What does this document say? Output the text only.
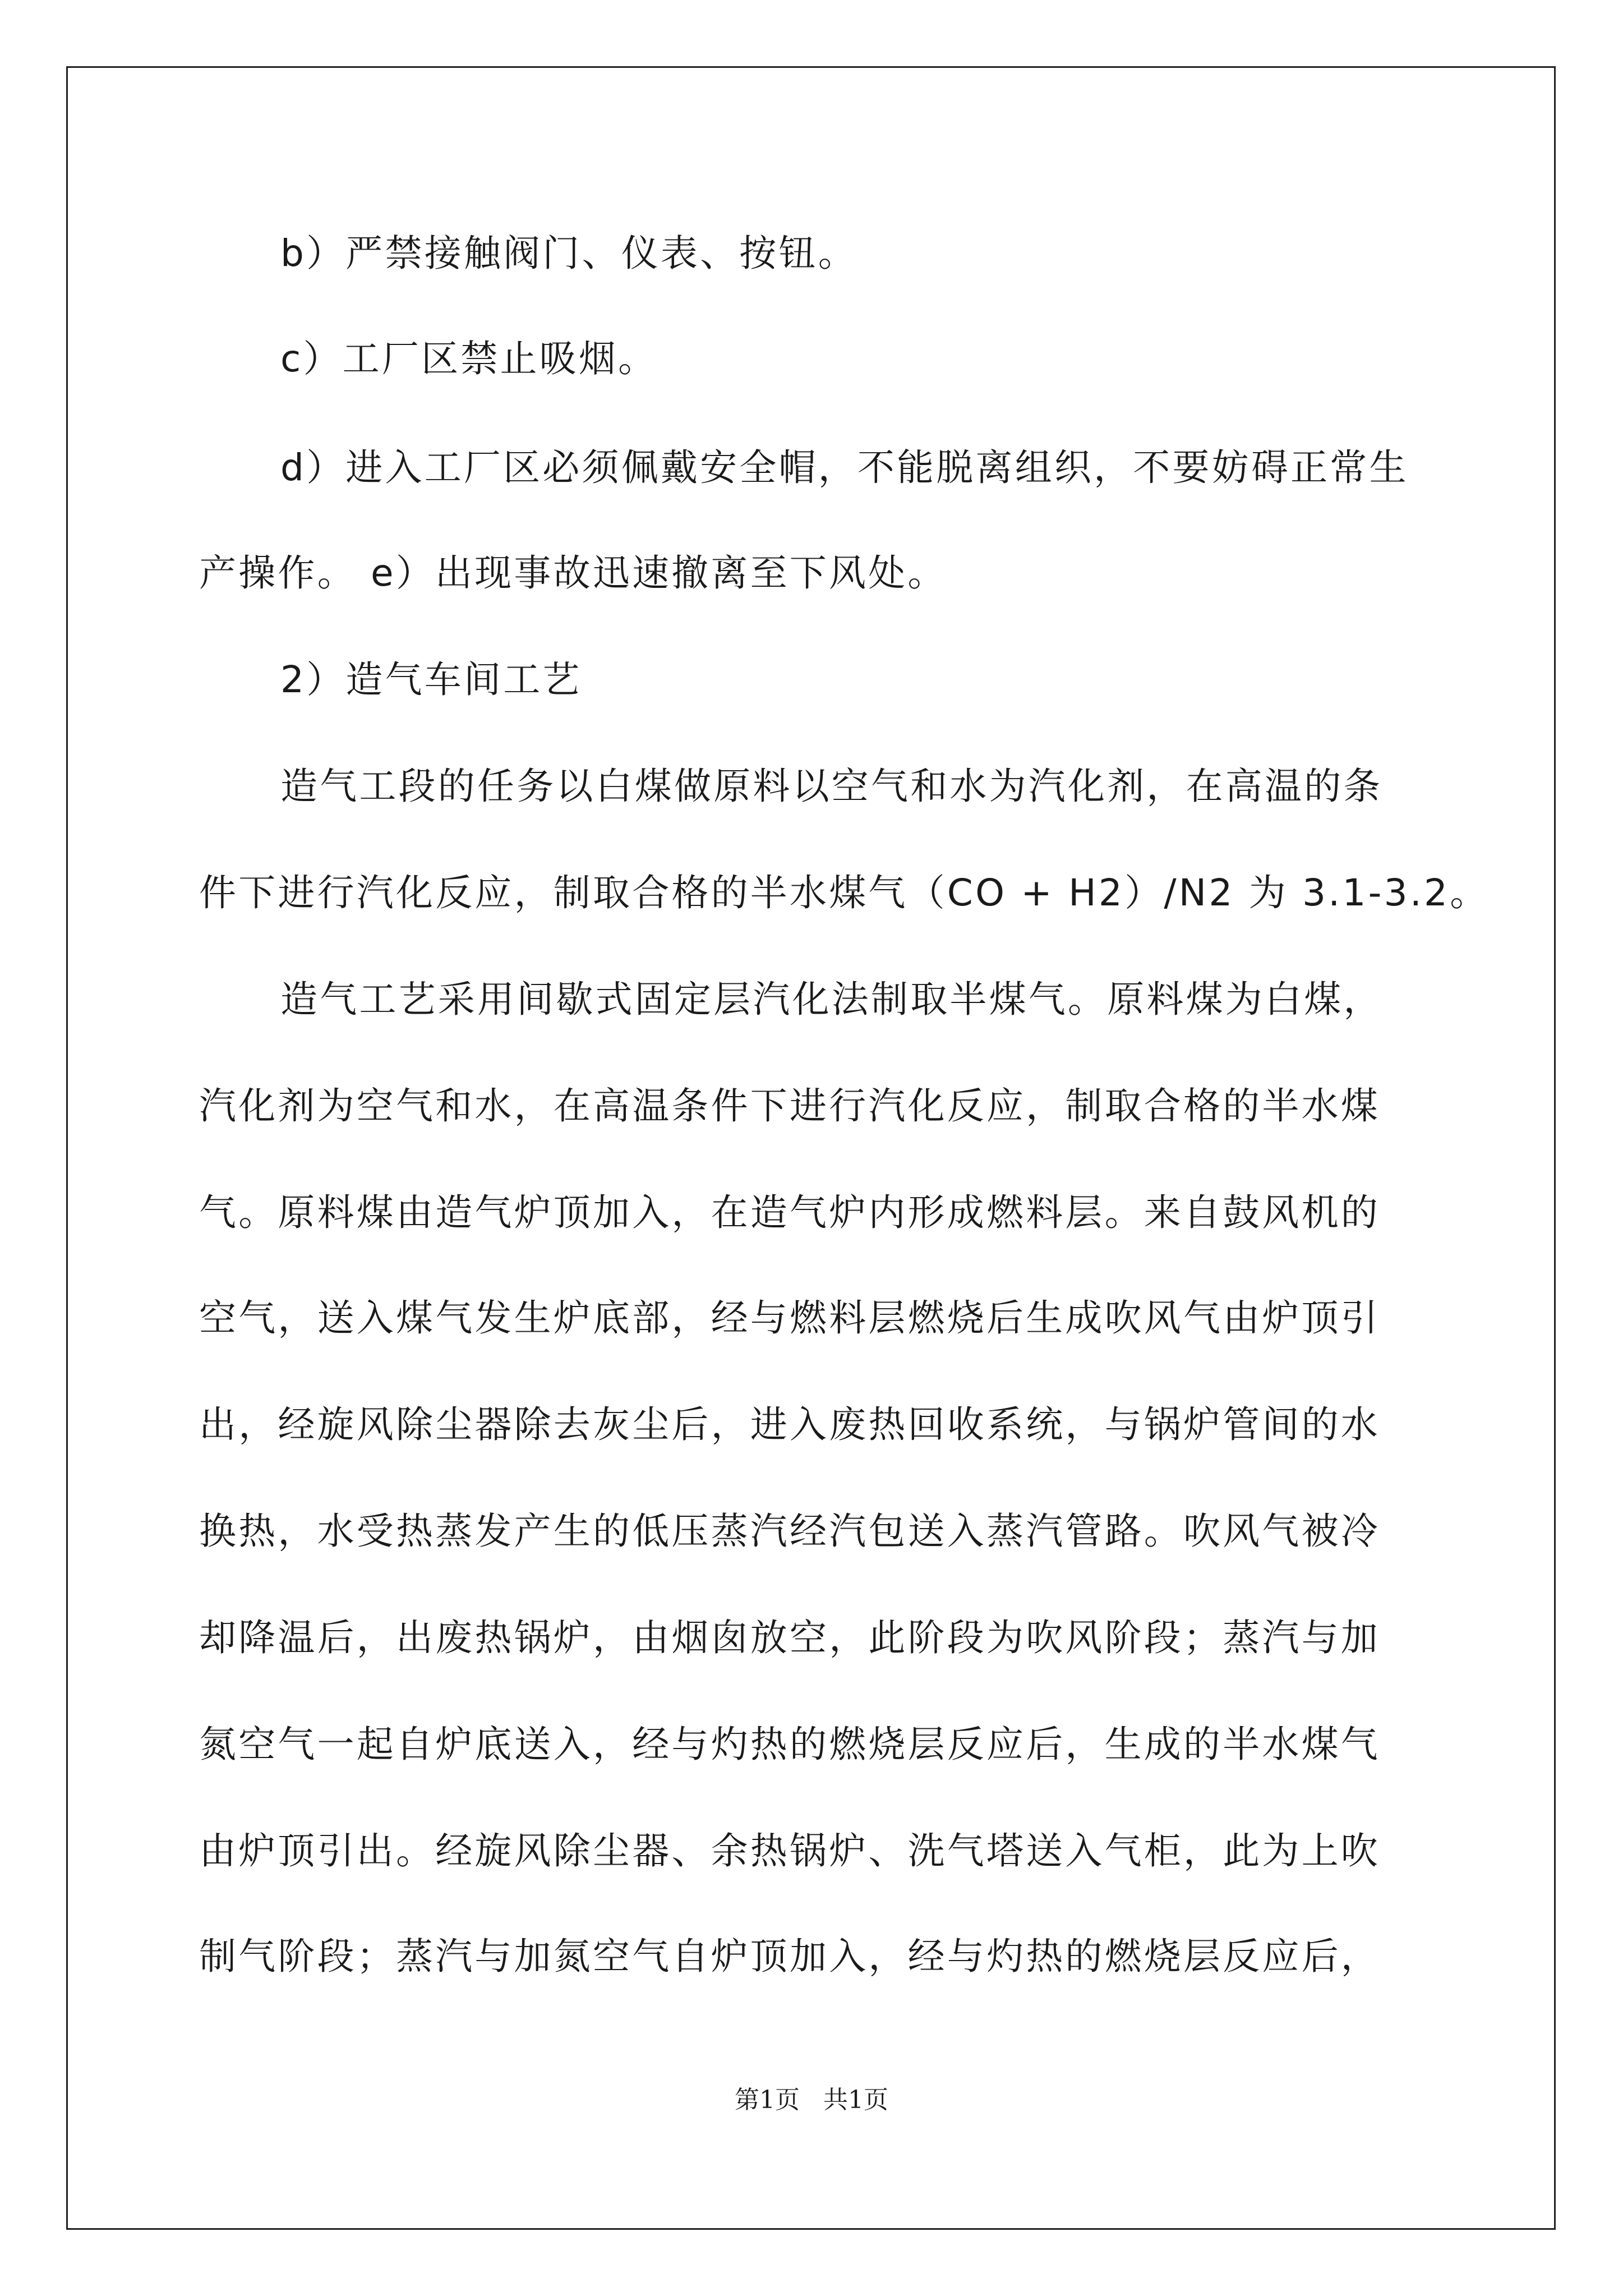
b）严禁接触阀门、仪表、按钮。
c）工厂区禁止吸烟。
d）进入工厂区必须佩戴安全帽，不能脱离组织，不要妨碍正常生
产操作。 e）出现事故迅速撤离至下风处。
2）造气车间工艺
造气工段的任务以白煤做原料以空气和水为汽化剂，在高温的条
件下进行汽化反应，制取合格的半水煤气（CO + H2）/N2 为 3.1-3.2。
造气工艺采用间歇式固定层汽化法制取半煤气。原料煤为白煤，
汽化剂为空气和水，在高温条件下进行汽化反应，制取合格的半水煤
气。原料煤由造气炉顶加入，在造气炉内形成燃料层。来自鼓风机的
空气，送入煤气发生炉底部，经与燃料层燃烧后生成吹风气由炉顶引
出，经旋风除尘器除去灰尘后，进入废热回收系统，与锅炉管间的水
换热，水受热蒸发产生的低压蒸汽经汽包送入蒸汽管路。吹风气被冷
却降温后，出废热锅炉，由烟囱放空，此阶段为吹风阶段；蒸汽与加
氮空气一起自炉底送入，经与灼热的燃烧层反应后，生成的半水煤气
由炉顶引出。经旋风除尘器、余热锅炉、洗气塔送入气柜，此为上吹
制气阶段；蒸汽与加氮空气自炉顶加入，经与灼热的燃烧层反应后，
第1页   共1页
